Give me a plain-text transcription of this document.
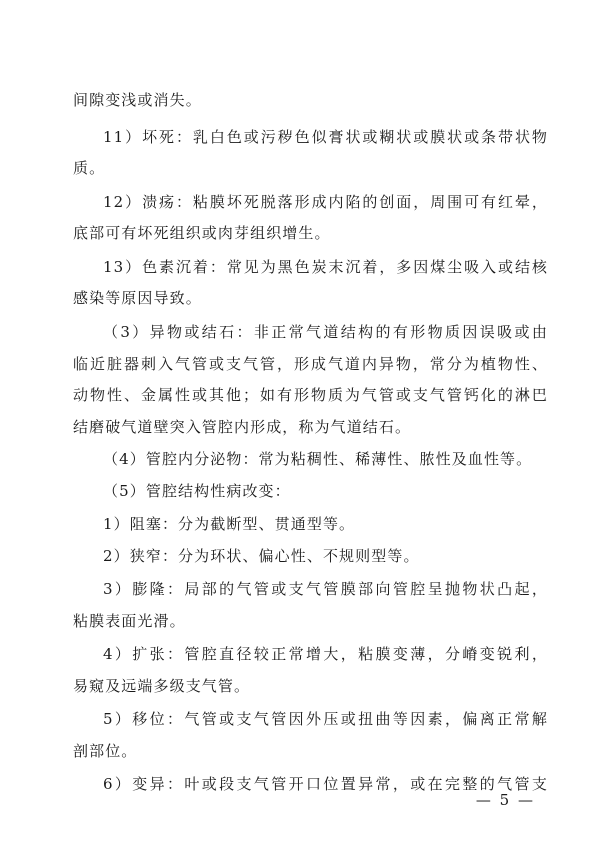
间隙变浅或消失。
11）坏死：乳白色或污秽色似膏状或糊状或膜状或条带状物
质。
12）溃疡：粘膜坏死脱落形成内陷的创面，周围可有红晕，
底部可有坏死组织或肉芽组织增生。
13）色素沉着：常见为黑色炭末沉着，多因煤尘吸入或结核
感染等原因导致。
（3）异物或结石：非正常气道结构的有形物质因误吸或由
临近脏器刺入气管或支气管，形成气道内异物，常分为植物性、
动物性、金属性或其他；如有形物质为气管或支气管钙化的淋巴
结磨破气道壁突入管腔内形成，称为气道结石。
（4）管腔内分泌物：常为粘稠性、稀薄性、脓性及血性等。
（5）管腔结构性病改变：
1）阻塞：分为截断型、贯通型等。
2）狭窄：分为环状、偏心性、不规则型等。
3）膨隆：局部的气管或支气管膜部向管腔呈抛物状凸起，
粘膜表面光滑。
4）扩张：管腔直径较正常增大，粘膜变薄，分嵴变锐利，
易窥及远端多级支气管。
5）移位：气管或支气管因外压或扭曲等因素，偏离正常解
剖部位。
6）变异：叶或段支气管开口位置异常，或在完整的气管支
— 5 —
